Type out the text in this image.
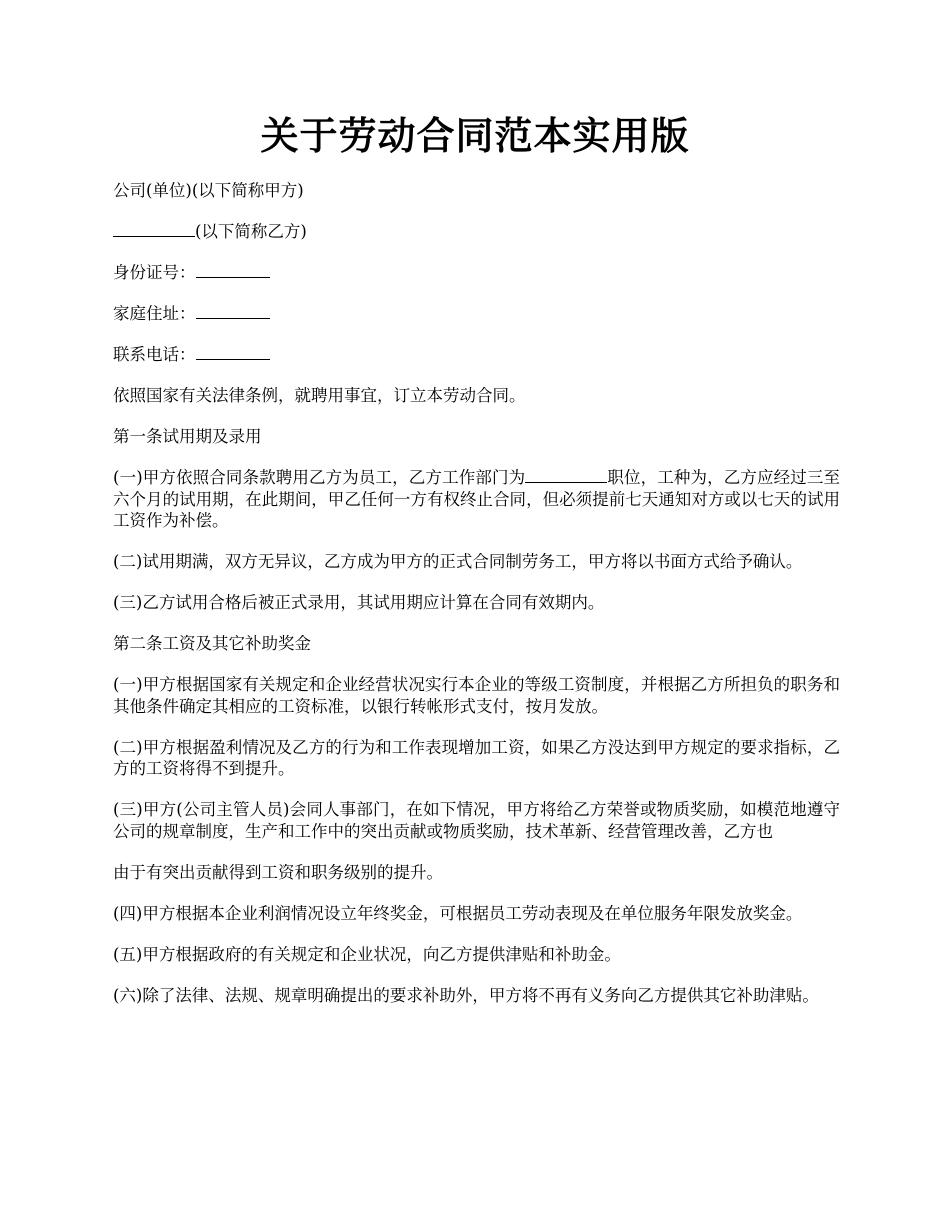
关于劳动合同范本实用版

公司(单位)(以下简称甲方)

(以下简称乙方)

身份证号：

家庭住址：

联系电话：

依照国家有关法律条例，就聘用事宜，订立本劳动合同。

第一条试用期及录用

(一)甲方依照合同条款聘用乙方为员工，乙方工作部门为	职位，工种为，乙方应经过三至六个月的试用期，在此期间，甲乙任何一方有权终止合同，但必须提前七天通知对方或以七天的试用工资作为补偿。

(二)试用期满，双方无异议，乙方成为甲方的正式合同制劳务工，甲方将以书面方式给予确认。

(三)乙方试用合格后被正式录用，其试用期应计算在合同有效期内。

第二条工资及其它补助奖金

(一)甲方根据国家有关规定和企业经营状况实行本企业的等级工资制度，并根据乙方所担负的职务和其他条件确定其相应的工资标准，以银行转帐形式支付，按月发放。

(二)甲方根据盈利情况及乙方的行为和工作表现增加工资，如果乙方没达到甲方规定的要求指标，乙方的工资将得不到提升。

(三)甲方(公司主管人员)会同人事部门，在如下情况，甲方将给乙方荣誉或物质奖励，如模范地遵守公司的规章制度，生产和工作中的突出贡献或物质奖励，技术革新、经营管理改善，乙方也

由于有突出贡献得到工资和职务级别的提升。

(四)甲方根据本企业利润情况设立年终奖金，可根据员工劳动表现及在单位服务年限发放奖金。

(五)甲方根据政府的有关规定和企业状况，向乙方提供津贴和补助金。

(六)除了法律、法规、规章明确提出的要求补助外，甲方将不再有义务向乙方提供其它补助津贴。
